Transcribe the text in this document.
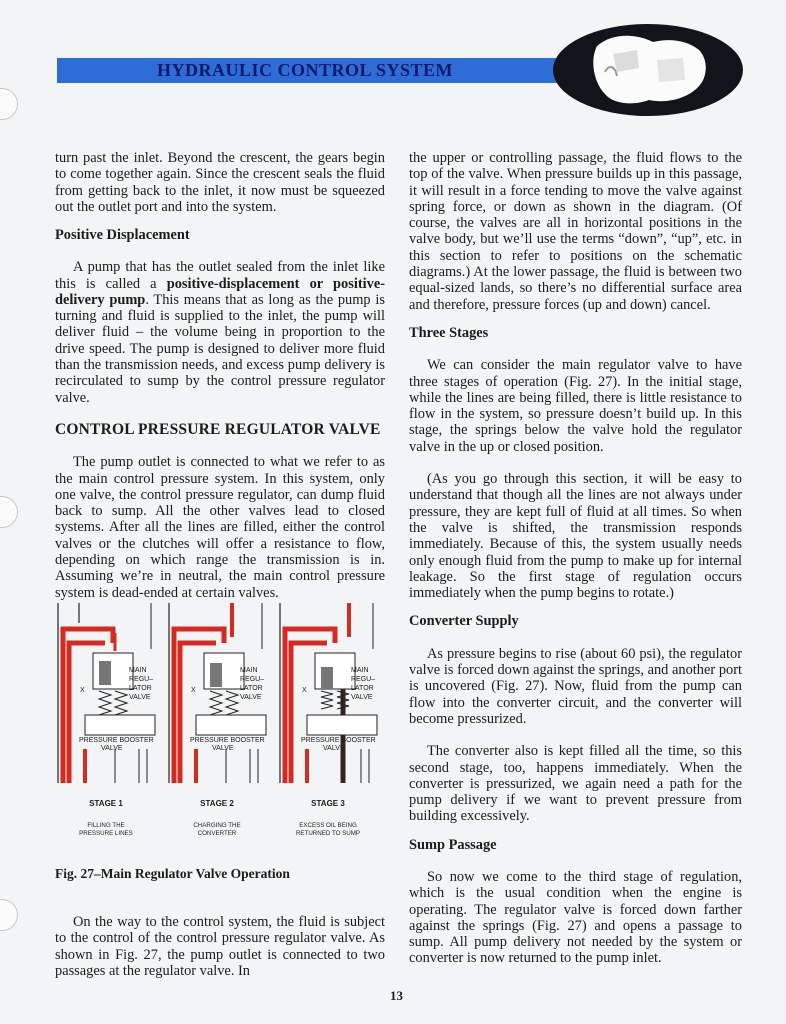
HYDRAULIC CONTROL SYSTEM

turn past the inlet. Beyond the crescent, the gears begin to come together again. Since the crescent seals the fluid from getting back to the inlet, it now must be squeezed out the outlet port and into the system.

Positive Displacement

A pump that has the outlet sealed from the inlet like this is called a positive-displacement or positive-delivery pump. This means that as long as the pump is turning and fluid is supplied to the inlet, the pump will deliver fluid – the volume being in proportion to the drive speed. The pump is designed to deliver more fluid than the transmission needs, and excess pump delivery is recirculated to sump by the control pressure regulator valve.

CONTROL PRESSURE REGULATOR VALVE

The pump outlet is connected to what we refer to as the main control pressure system. In this system, only one valve, the control pressure regulator, can dump fluid back to sump. All the other valves lead to closed systems. After all the lines are filled, either the control valves or the clutches will offer a resistance to flow, depending on which range the transmission is in. Assuming we’re in neutral, the main control pressure system is dead-ended at certain valves.

MAIN
REGU–
LATOR
VALVE
X
PRESSURE BOOSTER
VALVE
MAIN
REGU–
LATOR
VALVE
X
PRESSURE BOOSTER
VALVE
MAIN
REGU–
LATOR
VALVE
X
PRESSURE BOOSTER
VALVE
STAGE 1	STAGE 2	STAGE 3
FILLING THE
PRESSURE LINES
CHARGING THE
CONVERTER
EXCESS OIL BEING
RETURNED TO SUMP
Fig. 27–Main Regulator Valve Operation

On the way to the control system, the fluid is subject to the control of the control pressure regulator valve. As shown in Fig. 27, the pump outlet is connected to two passages at the regulator valve. In

the upper or controlling passage, the fluid flows to the top of the valve. When pressure builds up in this passage, it will result in a force tending to move the valve against spring force, or down as shown in the diagram. (Of course, the valves are all in horizontal positions in the valve body, but we’ll use the terms “down”, “up”, etc. in this section to refer to positions on the schematic diagrams.) At the lower passage, the fluid is between two equal-sized lands, so there’s no differential surface area and therefore, pressure forces (up and down) cancel.

Three Stages

We can consider the main regulator valve to have three stages of operation (Fig. 27). In the initial stage, while the lines are being filled, there is little resistance to flow in the system, so pressure doesn’t build up. In this stage, the springs below the valve hold the regulator valve in the up or closed position.

(As you go through this section, it will be easy to understand that though all the lines are not always under pressure, they are kept full of fluid at all times. So when the valve is shifted, the transmission responds immediately. Because of this, the system usually needs only enough fluid from the pump to make up for internal leakage. So the first stage of regulation occurs immediately when the pump begins to rotate.)

Converter Supply

As pressure begins to rise (about 60 psi), the regulator valve is forced down against the springs, and another port is uncovered (Fig. 27). Now, fluid from the pump can flow into the converter circuit, and the converter will become pressurized.

The converter also is kept filled all the time, so this second stage, too, happens immediately. When the converter is pressurized, we again need a path for the pump delivery if we want to prevent pressure from building excessively.

Sump Passage

So now we come to the third stage of regulation, which is the usual condition when the engine is operating. The regulator valve is forced down farther against the springs (Fig. 27) and opens a passage to sump. All pump delivery not needed by the system or converter is now returned to the pump inlet.

13
